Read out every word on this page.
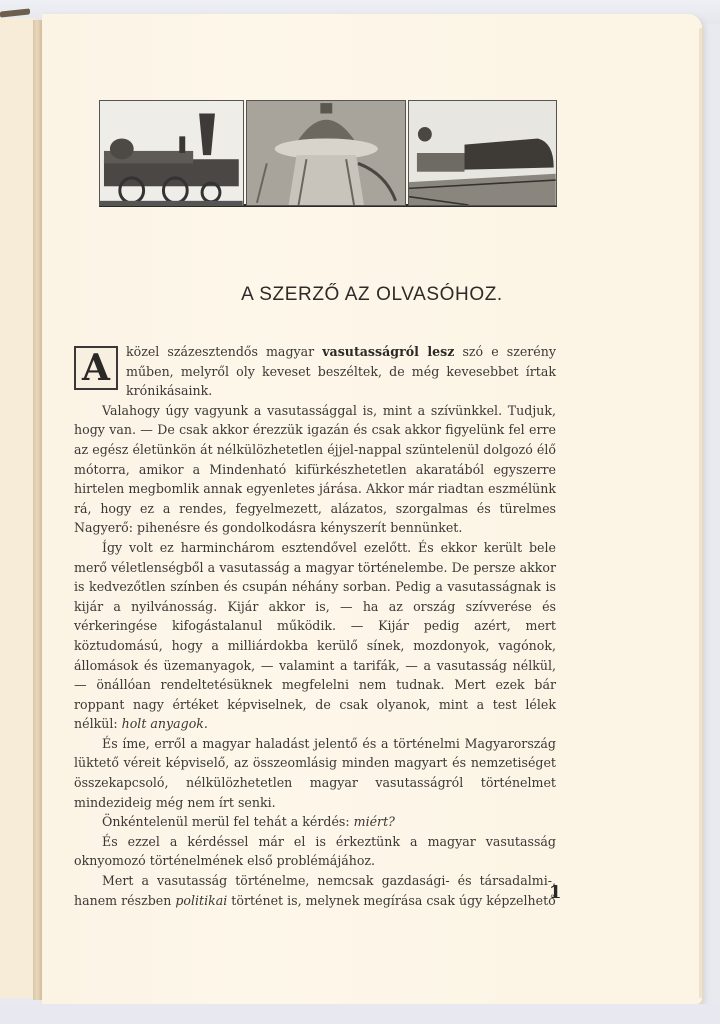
A SZERZŐ AZ OLVASÓHOZ.

A	közel százesztendős magyar vasutasságról lesz szó e szerény műben, melyről oly keveset beszéltek, de még kevesebbet írtak krónikásaink.

Valahogy úgy vagyunk a vasutassággal is, mint a szívünkkel. Tudjuk, hogy van. — De csak akkor érezzük igazán és csak akkor figyelünk fel erre az egész életünkön át nélkülözhetetlen éjjel-nappal szüntelenül dolgozó élő mótorra, amikor a Mindenható kifürkészhetetlen akaratából egyszerre hirtelen megbomlik annak egyenletes járása. Akkor már riadtan eszmélünk rá, hogy ez a rendes, fegyelmezett, alázatos, szorgalmas és türelmes Nagyerő: pihenésre és gondolkodásra kényszerít bennünket.

Így volt ez harminchárom esztendővel ezelőtt. És ekkor került bele merő véletlenségből a vasutasság a magyar történelembe. De persze akkor is kedvezőtlen színben és csupán néhány sorban. Pedig a vasutasságnak is kijár a nyilvánosság. Kijár akkor is, — ha az ország szívverése és vérkeringése kifogástalanul működik. — Kijár pedig azért, mert köztudomású, hogy a milliárdokba kerülő sínek, mozdonyok, vagónok, állomások és üzemanyagok, — valamint a tarifák, — a vasutasság nélkül, — önállóan rendeltetésüknek megfelelni nem tudnak. Mert ezek bár roppant nagy értéket képviselnek, de csak olyanok, mint a test lélek nélkül: holt anyagok.

És íme, erről a magyar haladást jelentő és a történelmi Magyarország lüktető véreit képviselő, az összeomlásig minden magyart és nemzetiséget összekapcsoló, nélkülözhetetlen magyar vasutasságról történelmet mindezideig még nem írt senki.

Önkéntelenül merül fel tehát a kérdés: miért?

És ezzel a kérdéssel már el is érkeztünk a magyar vasutasság oknyomozó történelmének első problémájához.

Mert a vasutasság történelme, nemcsak gazdasági- és társadalmi-, hanem részben politikai történet is, melynek megírása csak úgy képzelhető

1
